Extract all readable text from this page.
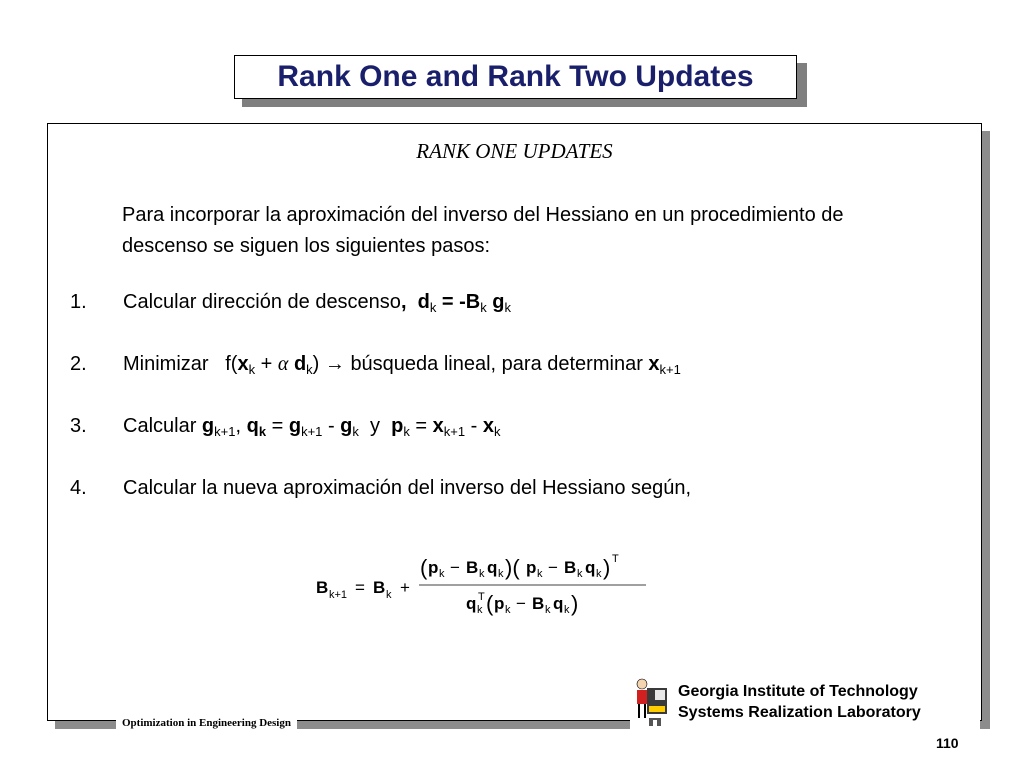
Rank One and Rank Two Updates
RANK ONE UPDATES
Para incorporar la aproximación del inverso del Hessiano en un procedimiento de descenso se siguen los siguientes pasos:
1. Calcular dirección de descenso,  $d_k = -B_k$ $g_k$
2. Minimizar   $f(x_k + \alpha$ $d_k$) → búsqueda lineal, para determinar $x_{k+1}$
3. Calcular $g_{k+1}$, $q_k = g_{k+1} - g_k$  y  $p_k = x_{k+1} - x_k$
4. Calcular la nueva aproximación del inverso del Hessiano según,
B k+1 = B k +
( p k − B k q k )( p k − B k q k ) T
q k
T ( p k − B k q k )
Optimization in Engineering Design
Georgia Institute of Technology
Systems Realization Laboratory
110
